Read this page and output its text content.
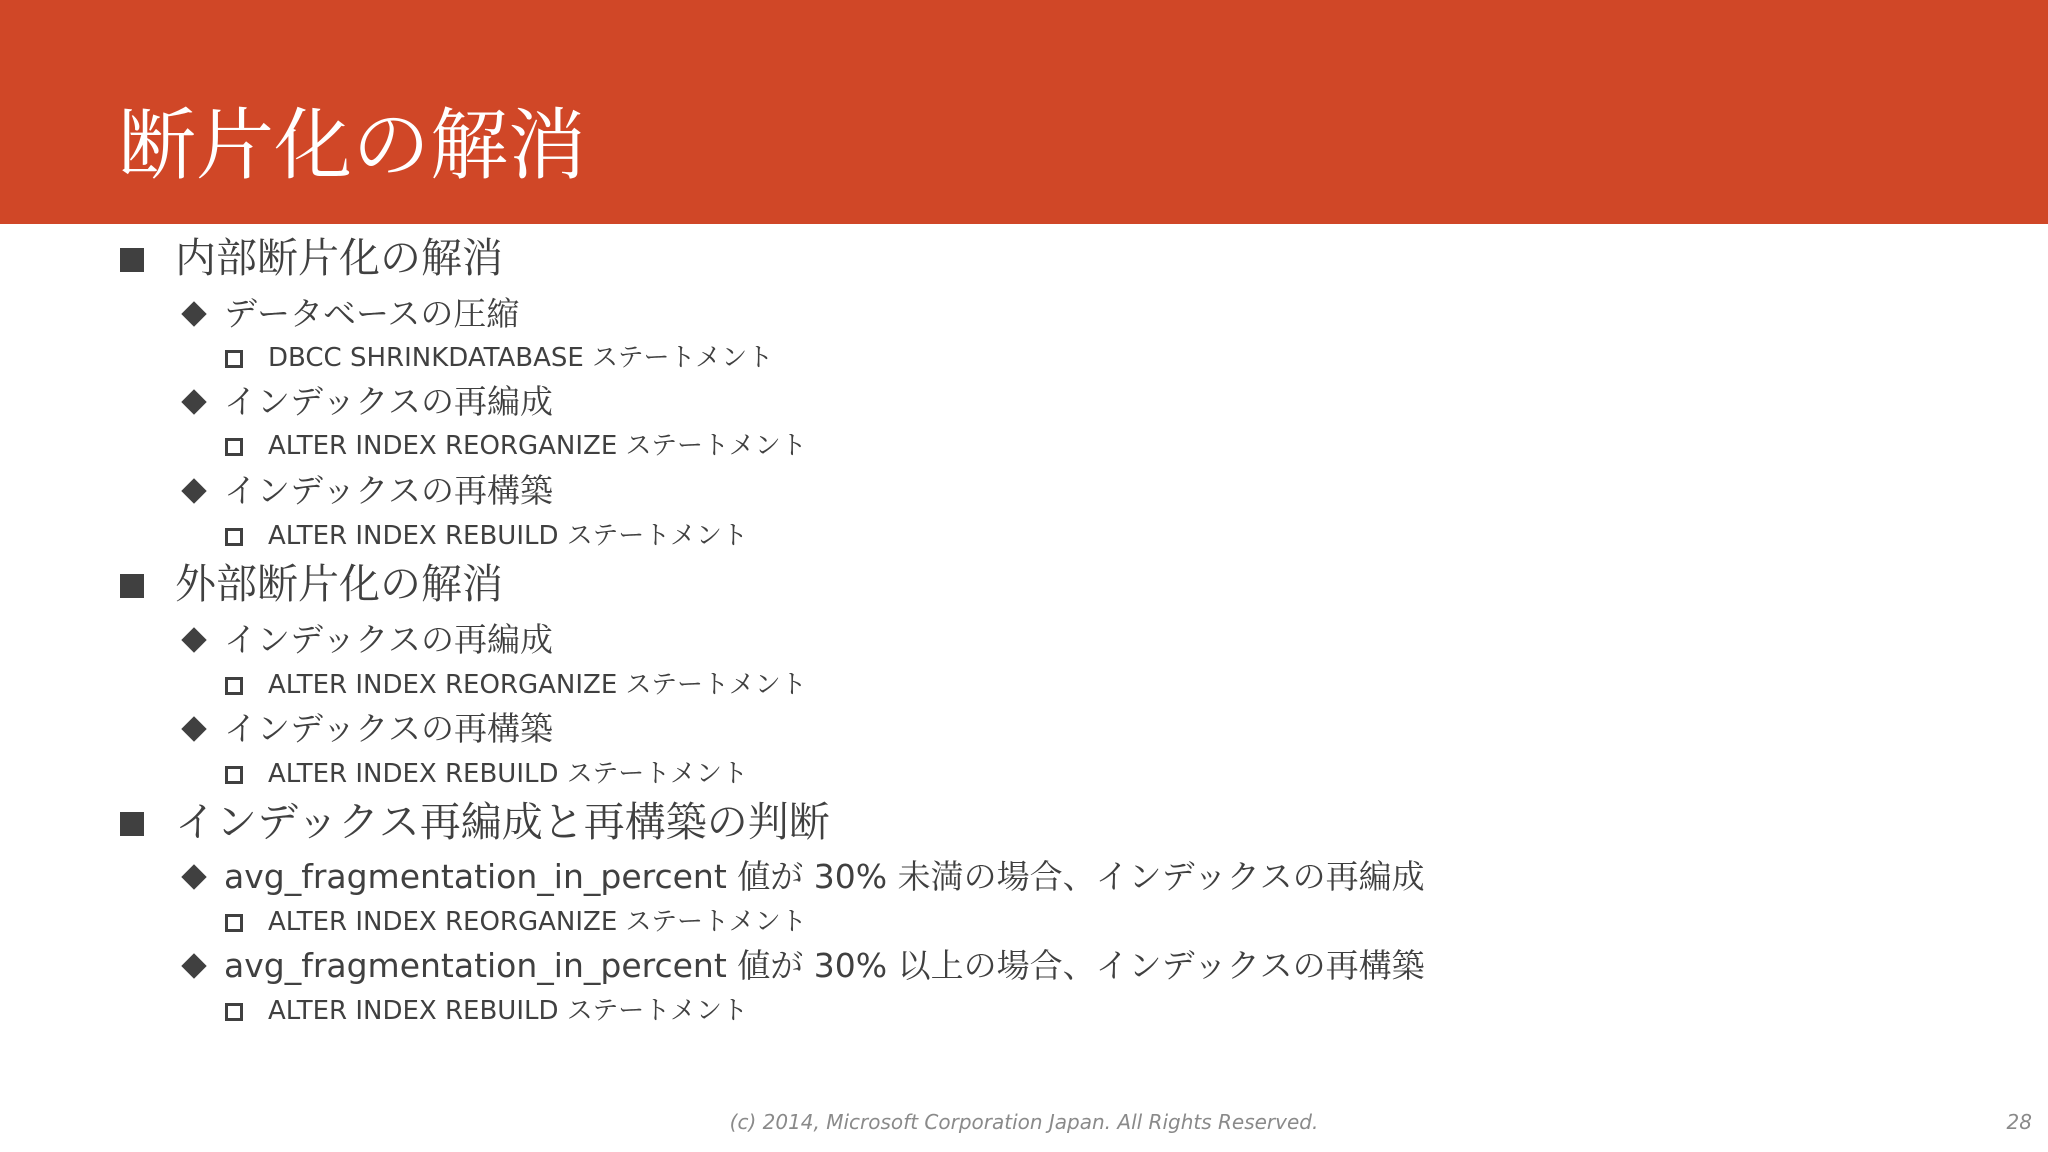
断片化の解消
内部断片化の解消
データベースの圧縮
DBCC SHRINKDATABASE ステートメント
インデックスの再編成
ALTER INDEX REORGANIZE ステートメント
インデックスの再構築
ALTER INDEX REBUILD ステートメント
外部断片化の解消
インデックスの再編成
ALTER INDEX REORGANIZE ステートメント
インデックスの再構築
ALTER INDEX REBUILD ステートメント
インデックス再編成と再構築の判断
avg_fragmentation_in_percent 値が 30% 未満の場合、インデックスの再編成
ALTER INDEX REORGANIZE ステートメント
avg_fragmentation_in_percent 値が 30% 以上の場合、インデックスの再構築
ALTER INDEX REBUILD ステートメント
(c) 2014, Microsoft Corporation Japan. All Rights Reserved.	28
